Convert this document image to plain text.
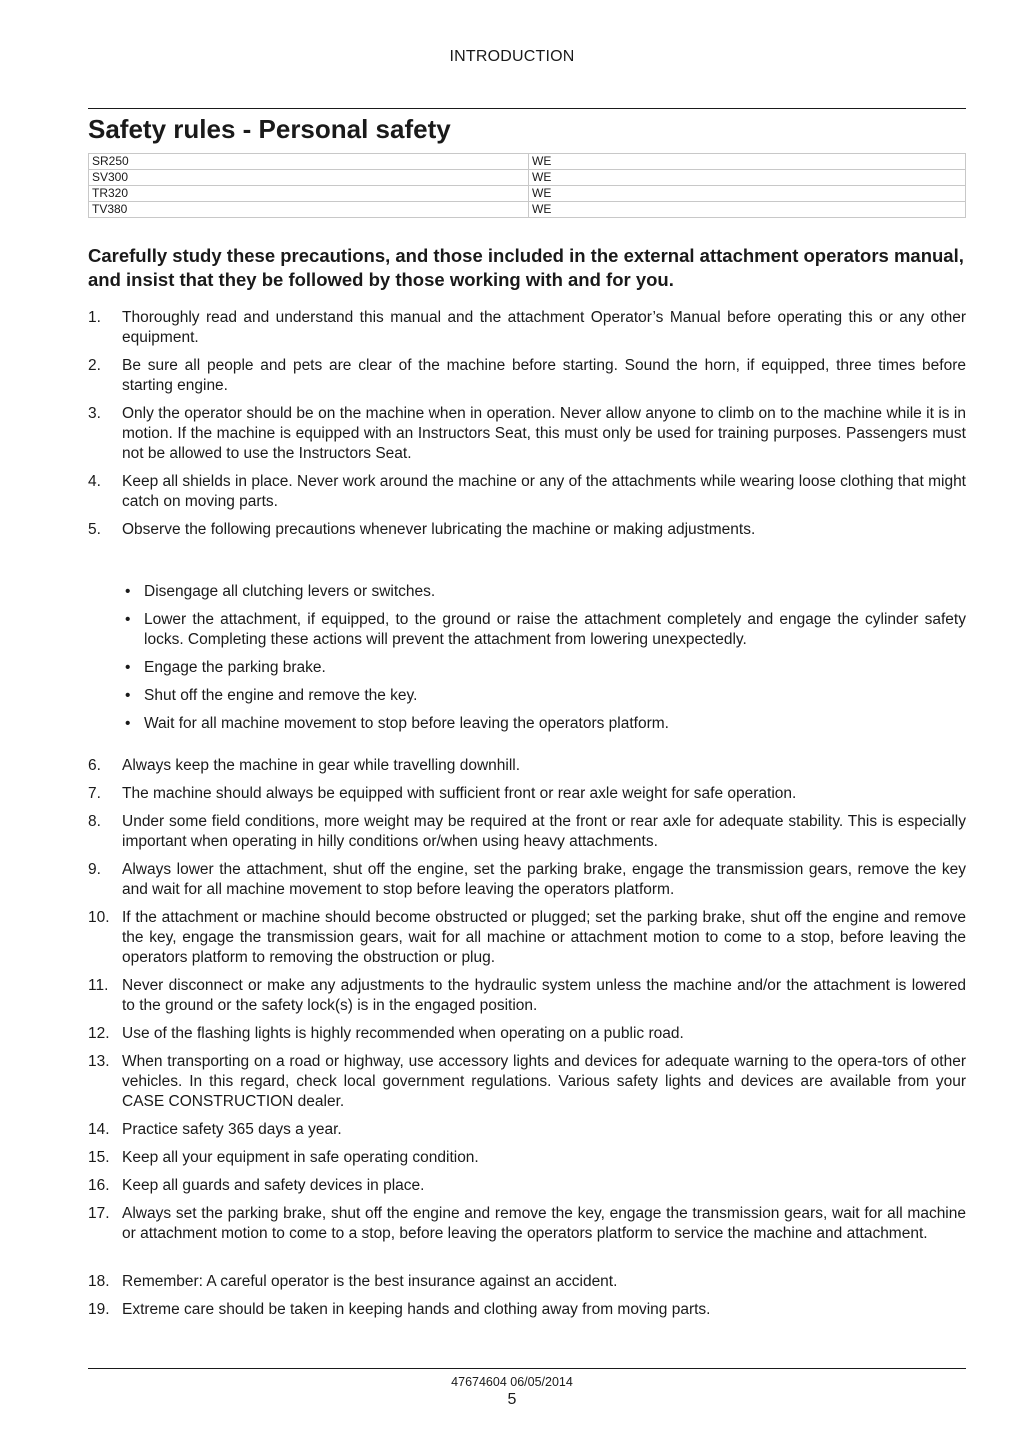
INTRODUCTION
Safety rules - Personal safety
SR250	WE
SV300	WE
TR320	WE
TV380	WE

Carefully study these precautions, and those included in the external attachment operators manual, and insist that they be followed by those working with and for you.

1. Thoroughly read and understand this manual and the attachment Operator’s Manual before operating this or any other equipment.
2. Be sure all people and pets are clear of the machine before starting. Sound the horn, if equipped, three times before starting engine.
3. Only the operator should be on the machine when in operation. Never allow anyone to climb on to the machine while it is in motion. If the machine is equipped with an Instructors Seat, this must only be used for training purposes. Passengers must not be allowed to use the Instructors Seat.
4. Keep all shields in place. Never work around the machine or any of the attachments while wearing loose clothing that might catch on moving parts.
5. Observe the following precautions whenever lubricating the machine or making adjustments.
• Disengage all clutching levers or switches.
• Lower the attachment, if equipped, to the ground or raise the attachment completely and engage the cylinder safety locks. Completing these actions will prevent the attachment from lowering unexpectedly.
• Engage the parking brake.
• Shut off the engine and remove the key.
• Wait for all machine movement to stop before leaving the operators platform.
6. Always keep the machine in gear while travelling downhill.
7. The machine should always be equipped with sufficient front or rear axle weight for safe operation.
8. Under some field conditions, more weight may be required at the front or rear axle for adequate stability. This is especially important when operating in hilly conditions or/when using heavy attachments.
9. Always lower the attachment, shut off the engine, set the parking brake, engage the transmission gears, remove the key and wait for all machine movement to stop before leaving the operators platform.
10. If the attachment or machine should become obstructed or plugged; set the parking brake, shut off the engine and remove the key, engage the transmission gears, wait for all machine or attachment motion to come to a stop, before leaving the operators platform to removing the obstruction or plug.
11. Never disconnect or make any adjustments to the hydraulic system unless the machine and/or the attachment is lowered to the ground or the safety lock(s) is in the engaged position.
12. Use of the flashing lights is highly recommended when operating on a public road.
13. When transporting on a road or highway, use accessory lights and devices for adequate warning to the opera-tors of other vehicles. In this regard, check local government regulations. Various safety lights and devices are available from your CASE CONSTRUCTION dealer.
14. Practice safety 365 days a year.
15. Keep all your equipment in safe operating condition.
16. Keep all guards and safety devices in place.
17. Always set the parking brake, shut off the engine and remove the key, engage the transmission gears, wait for all machine or attachment motion to come to a stop, before leaving the operators platform to service the machine and attachment.
18. Remember: A careful operator is the best insurance against an accident.
19. Extreme care should be taken in keeping hands and clothing away from moving parts.
47674604 06/05/2014
5
